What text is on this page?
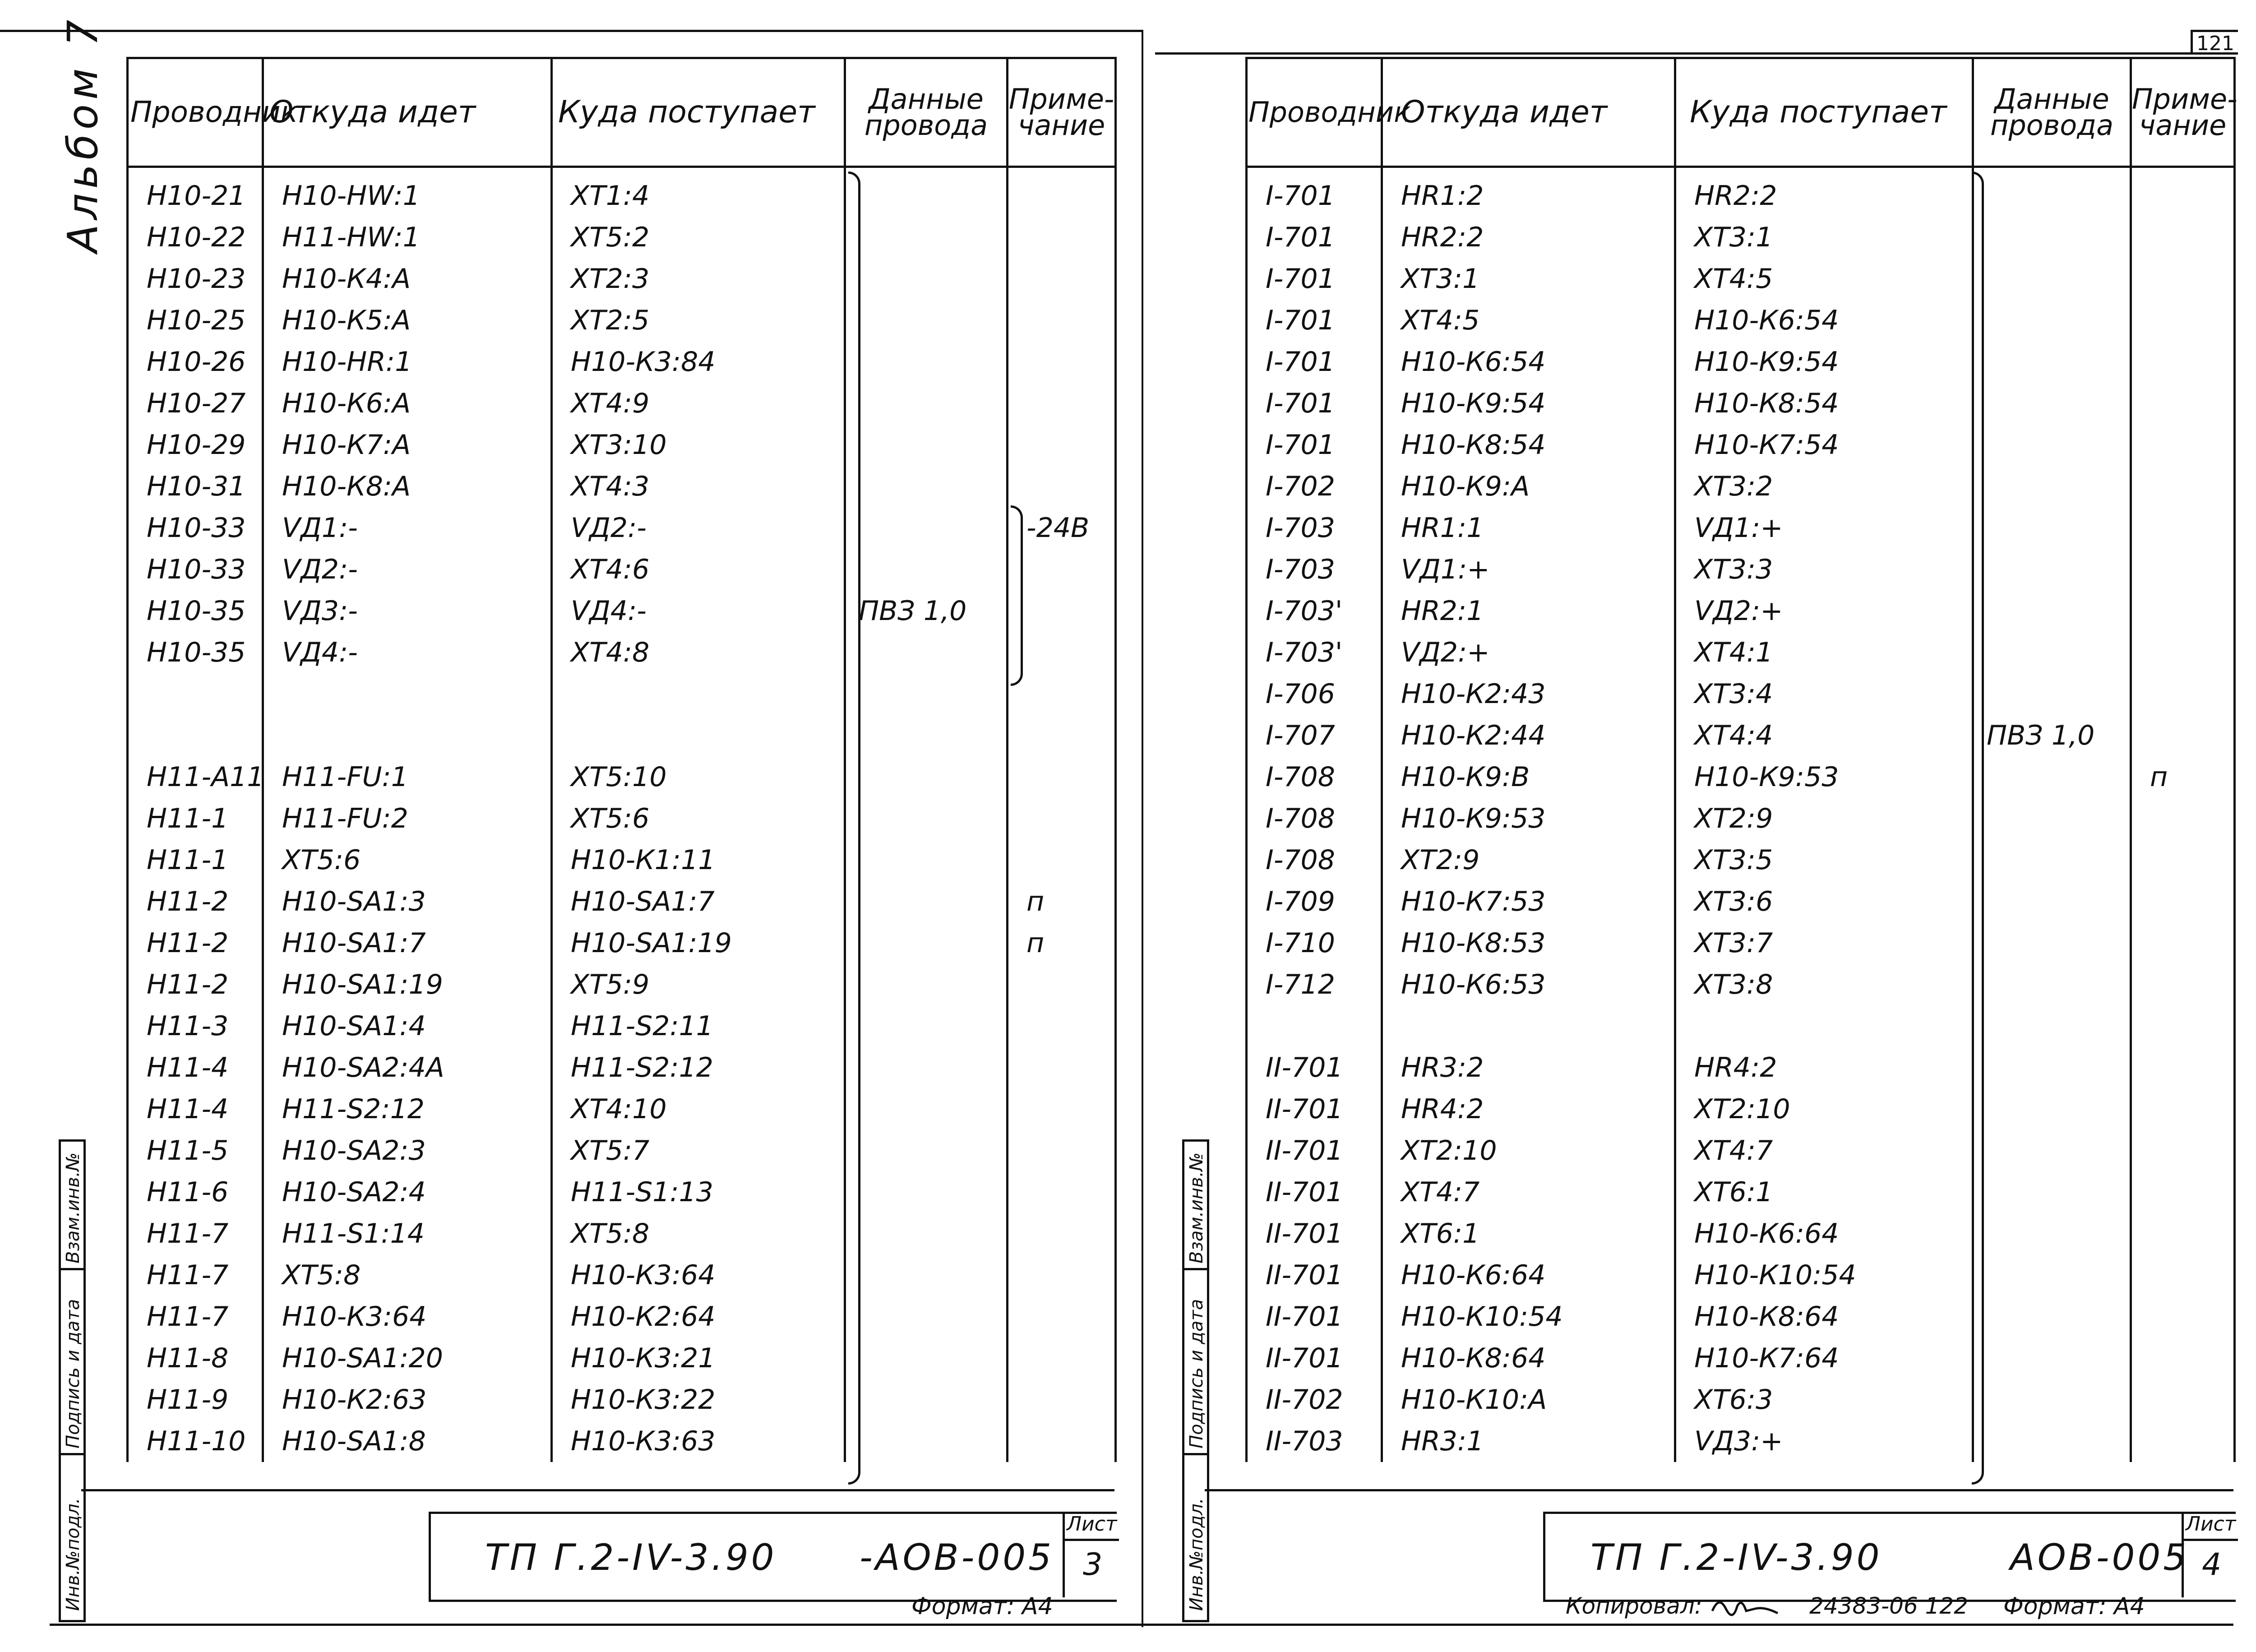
121
Альбом 7 Проводник	Откуда идет	Куда поступает	Данные провода	Приме- чание
Н10-21	Н10-HW:1	XT1:4		
Н10-22	Н11-HW:1	XT5:2		
Н10-23	Н10-К4:А	XT2:3		
Н10-25	Н10-К5:А	XT2:5		
Н10-26	Н10-НR:1	Н10-К3:84		
Н10-27	Н10-К6:А	XT4:9		
Н10-29	Н10-К7:А	XT3:10		
Н10-31	Н10-К8:А	XT4:3		
Н10-33	VД1:-	VД2:-		-24В
Н10-33	VД2:-	XT4:6		
Н10-35	VД3:-	VД4:-	ПВЗ 1,0	
Н10-35	VД4:-	XT4:8		

Н11-А11	Н11-FU:1	XT5:10		
Н11-1	Н11-FU:2	XT5:6		
Н11-1	XT5:6	Н10-К1:11		
Н11-2	Н10-SA1:3	Н10-SA1:7		п
Н11-2	Н10-SA1:7	Н10-SA1:19		п
Н11-2	Н10-SA1:19	XT5:9		
Н11-3	Н10-SA1:4	Н11-S2:11		
Н11-4	Н10-SA2:4А	Н11-S2:12		
Н11-4	Н11-S2:12	XT4:10		
Н11-5	Н10-SA2:3	XT5:7		
Н11-6	Н10-SA2:4	Н11-S1:13		
Н11-7	Н11-S1:14	XT5:8		
Н11-7	XT5:8	Н10-К3:64		
Н11-7	Н10-К3:64	Н10-К2:64		
Н11-8	Н10-SA1:20	Н10-К3:21		
Н11-9	Н10-К2:63	Н10-К3:22		
Н11-10	Н10-SA1:8	Н10-К3:63		
Взам.инв.№
Подпись и дата
Инв.№подл.	ТП Г.2-IV-3.90 -АОВ-005
Лист
3
Формат: А4
Проводник	Откуда идет	Куда поступает	Данные провода	Приме- чание
I-701	НR1:2	НR2:2		
I-701	НR2:2	XT3:1		
I-701	XT3:1	XT4:5		
I-701	XT4:5	Н10-К6:54		
I-701	Н10-К6:54	Н10-К9:54		
I-701	Н10-К9:54	Н10-К8:54		
I-701	Н10-К8:54	Н10-К7:54		
I-702	Н10-К9:А	XT3:2		
I-703	НR1:1	VД1:+		
I-703	VД1:+	XT3:3		
I-703'	НR2:1	VД2:+		
I-703'	VД2:+	XT4:1		
I-706	Н10-К2:43	XT3:4		
I-707	Н10-К2:44	XT4:4	ПВЗ 1,0	
I-708	Н10-К9:В	Н10-К9:53		п
I-708	Н10-К9:53	XT2:9		
I-708	XT2:9	XT3:5		
I-709	Н10-К7:53	XT3:6		
I-710	Н10-К8:53	XT3:7		
I-712	Н10-К6:53	XT3:8		

II-701	НR3:2	НR4:2		
II-701	НR4:2	XT2:10		
II-701	XT2:10	XT4:7		
II-701	XT4:7	XT6:1		
II-701	XT6:1	Н10-К6:64		
II-701	Н10-К6:64	Н10-К10:54		
II-701	Н10-К10:54	Н10-К8:64		
II-701	Н10-К8:64	Н10-К7:64		
II-702	Н10-К10:А	XT6:3		
II-703	НR3:1	VД3:+		
Взам.инв.№
Подпись и дата
Инв.№подл.	ТП Г.2-IV-3.90	АОВ-005
Лист
4
Копировал:	24383-06 122 Формат: А4
